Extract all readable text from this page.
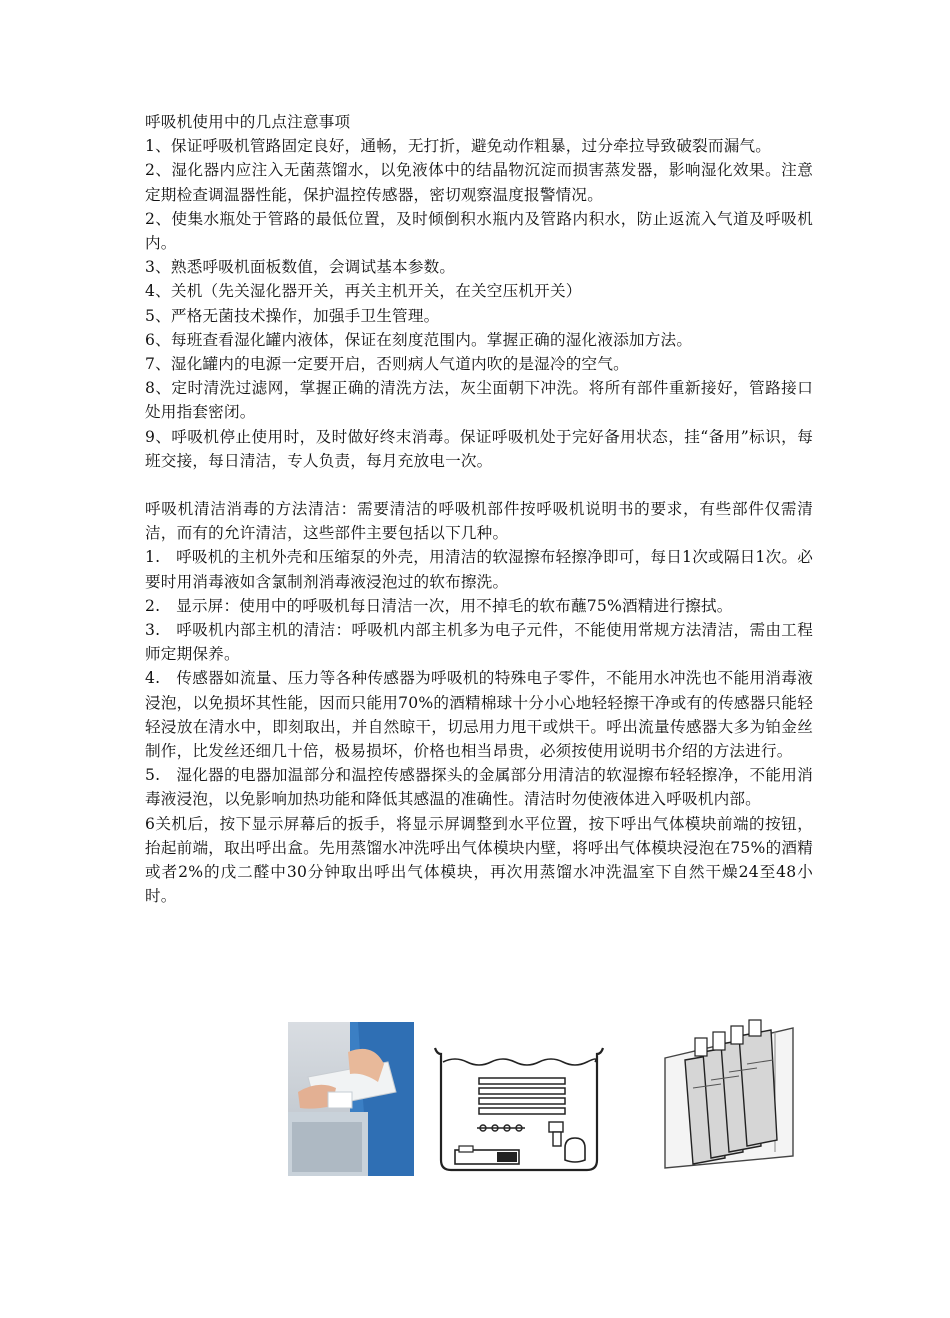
呼吸机使用中的几点注意事项

1、保证呼吸机管路固定良好，通畅，无打折，避免动作粗暴，过分牵拉导致破裂而漏气。

2、湿化器内应注入无菌蒸馏水，以免液体中的结晶物沉淀而损害蒸发器，影响湿化效果。注意定期检查调温器性能，保护温控传感器，密切观察温度报警情况。

2、使集水瓶处于管路的最低位置，及时倾倒积水瓶内及管路内积水，防止返流入气道及呼吸机内。

3、熟悉呼吸机面板数值，会调试基本参数。

4、关机（先关湿化器开关，再关主机开关，在关空压机开关）

5、严格无菌技术操作，加强手卫生管理。

6、每班查看湿化罐内液体，保证在刻度范围内。掌握正确的湿化液添加方法。

7、湿化罐内的电源一定要开启，否则病人气道内吹的是湿冷的空气。

8、定时清洗过滤网，掌握正确的清洗方法，灰尘面朝下冲洗。将所有部件重新接好，管路接口处用指套密闭。

9、呼吸机停止使用时，及时做好终末消毒。保证呼吸机处于完好备用状态，挂“备用”标识，每班交接，每日清洁，专人负责，每月充放电一次。

呼吸机清洁消毒的方法清洁：需要清洁的呼吸机部件按呼吸机说明书的要求，有些部件仅需清洁，而有的允许清洁，这些部件主要包括以下几种。

1.　呼吸机的主机外壳和压缩泵的外壳，用清洁的软湿擦布轻擦净即可，每日1次或隔日1次。必要时用消毒液如含氯制剂消毒液浸泡过的软布擦洗。

2.　显示屏：使用中的呼吸机每日清洁一次，用不掉毛的软布蘸75%酒精进行擦拭。

3.　呼吸机内部主机的清洁：呼吸机内部主机多为电子元件，不能使用常规方法清洁，需由工程师定期保养。

4.　传感器如流量、压力等各种传感器为呼吸机的特殊电子零件，不能用水冲洗也不能用消毒液浸泡，以免损坏其性能，因而只能用70%的酒精棉球十分小心地轻轻擦干净或有的传感器只能轻轻浸放在清水中，即刻取出，并自然晾干，切忌用力甩干或烘干。呼出流量传感器大多为铂金丝制作，比发丝还细几十倍，极易损坏，价格也相当昂贵，必须按使用说明书介绍的方法进行。

5.　湿化器的电器加温部分和温控传感器探头的金属部分用清洁的软湿擦布轻轻擦净，不能用消毒液浸泡，以免影响加热功能和降低其感温的准确性。清洁时勿使液体进入呼吸机内部。

6关机后，按下显示屏幕后的扳手，将显示屏调整到水平位置，按下呼出气体模块前端的按钮，抬起前端，取出呼出盒。先用蒸馏水冲洗呼出气体模块内壁，将呼出气体模块浸泡在75%的酒精或者2%的戊二醛中30分钟取出呼出气体模块，再次用蒸馏水冲洗温室下自然干燥24至48小时。
